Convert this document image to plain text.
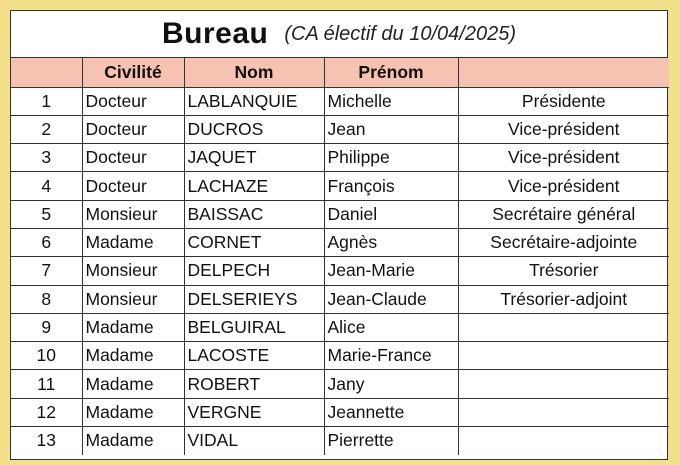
Bureau (CA électif du 10/04/2025)
	Civilité	Nom	Prénom	
1	Docteur	LABLANQUIE	Michelle	Présidente
2	Docteur	DUCROS	Jean	Vice-président
3	Docteur	JAQUET	Philippe	Vice-président
4	Docteur	LACHAZE	François	Vice-président
5	Monsieur	BAISSAC	Daniel	Secrétaire général
6	Madame	CORNET	Agnès	Secrétaire-adjointe
7	Monsieur	DELPECH	Jean-Marie	Trésorier
8	Monsieur	DELSERIEYS	Jean-Claude	Trésorier-adjoint
9	Madame	BELGUIRAL	Alice	
10	Madame	LACOSTE	Marie-France	
11	Madame	ROBERT	Jany	
12	Madame	VERGNE	Jeannette	
13	Madame	VIDAL	Pierrette	
